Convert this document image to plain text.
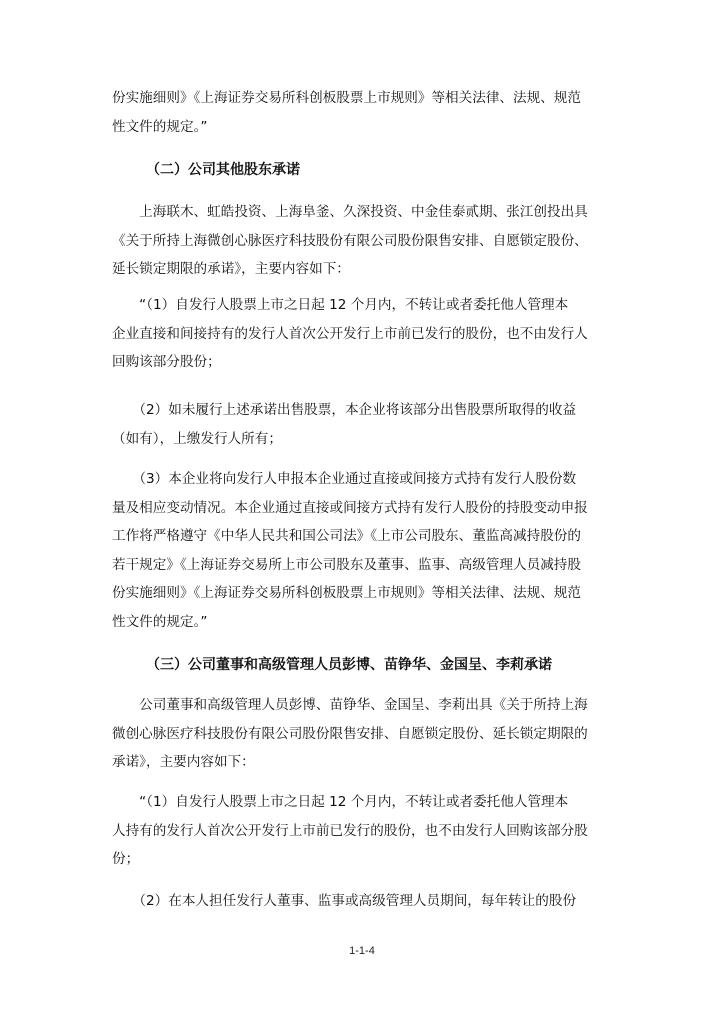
份实施细则》《上海证券交易所科创板股票上市规则》等相关法律、法规、规范
性文件的规定。”
（二）公司其他股东承诺
　　上海联木、虹皓投资、上海阜釜、久深投资、中金佳泰贰期、张江创投出具
《关于所持上海微创心脉医疗科技股份有限公司股份限售安排、自愿锁定股份、
延长锁定期限的承诺》，主要内容如下：
　　“（1）自发行人股票上市之日起 12 个月内，不转让或者委托他人管理本
企业直接和间接持有的发行人首次公开发行上市前已发行的股份，也不由发行人
回购该部分股份；
　　（2）如未履行上述承诺出售股票，本企业将该部分出售股票所取得的收益
（如有），上缴发行人所有；
　　（3）本企业将向发行人申报本企业通过直接或间接方式持有发行人股份数
量及相应变动情况。本企业通过直接或间接方式持有发行人股份的持股变动申报
工作将严格遵守《中华人民共和国公司法》《上市公司股东、董监高减持股份的
若干规定》《上海证券交易所上市公司股东及董事、监事、高级管理人员减持股
份实施细则》《上海证券交易所科创板股票上市规则》等相关法律、法规、规范
性文件的规定。”
（三）公司董事和高级管理人员彭博、苗铮华、金国呈、李莉承诺
　　公司董事和高级管理人员彭博、苗铮华、金国呈、李莉出具《关于所持上海
微创心脉医疗科技股份有限公司股份限售安排、自愿锁定股份、延长锁定期限的
承诺》，主要内容如下：
　　“（1）自发行人股票上市之日起 12 个月内，不转让或者委托他人管理本
人持有的发行人首次公开发行上市前已发行的股份，也不由发行人回购该部分股
份；
　　（2）在本人担任发行人董事、监事或高级管理人员期间，每年转让的股份
1-1-4
